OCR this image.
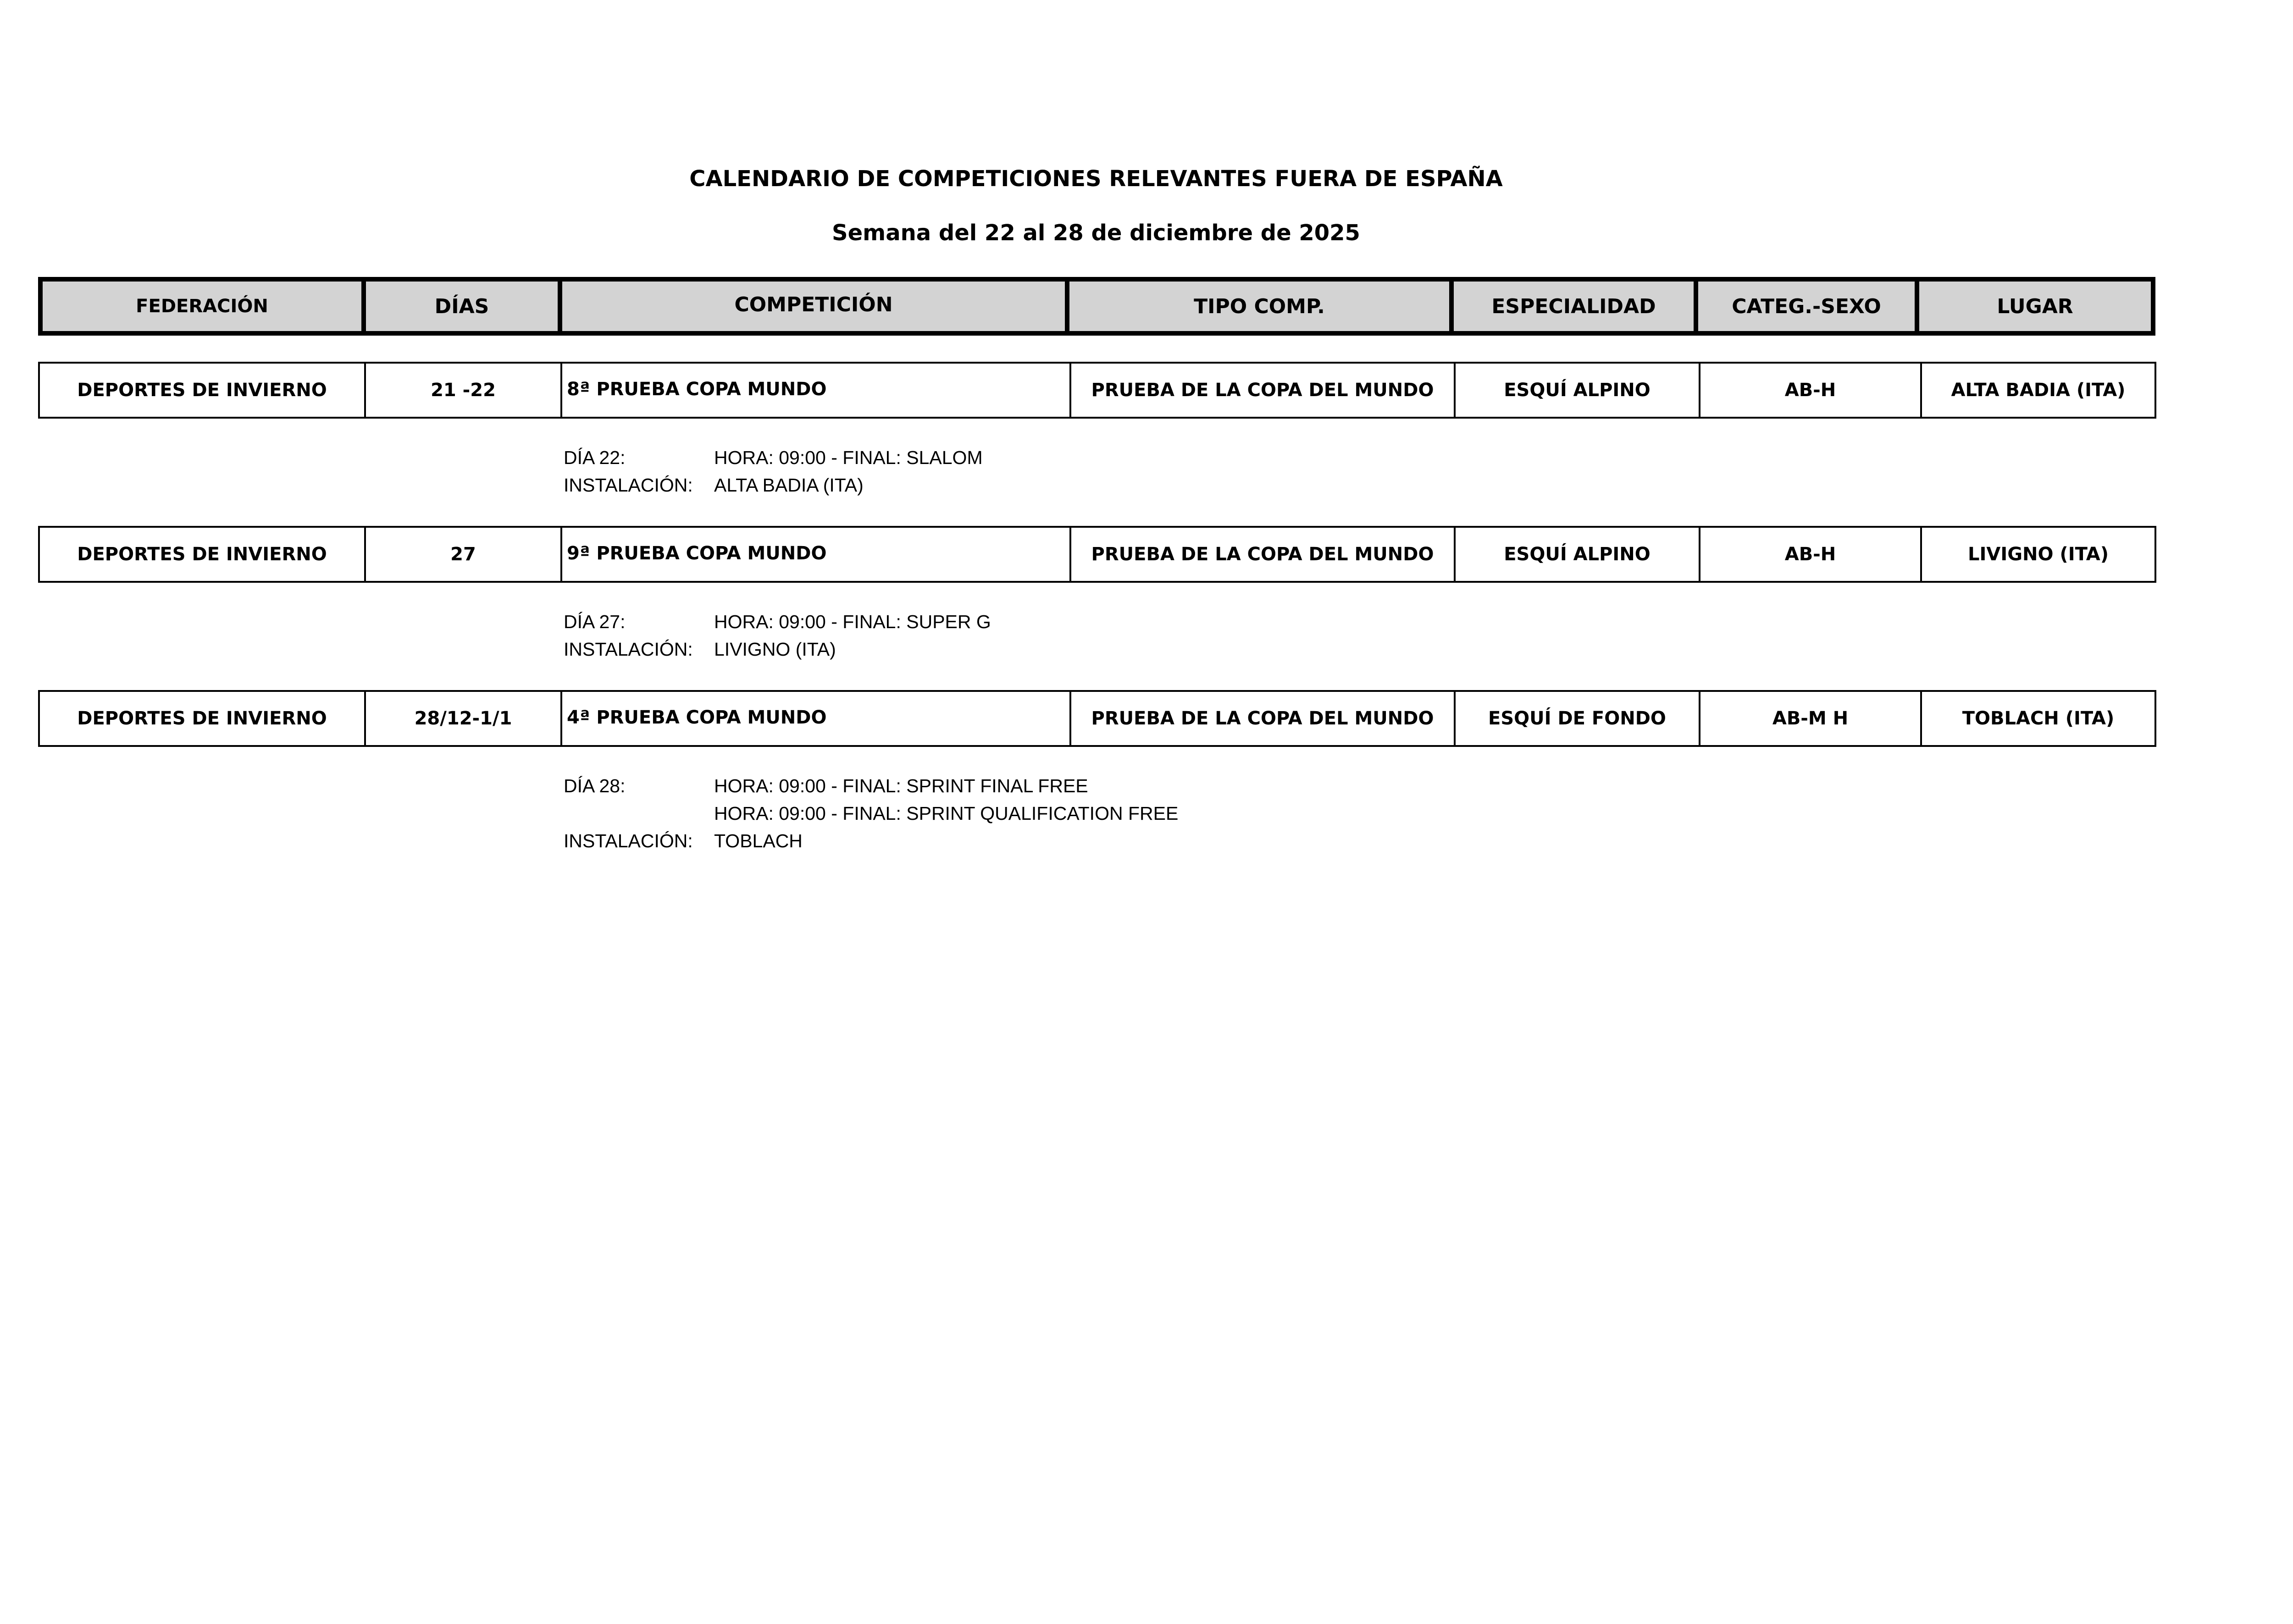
CALENDARIO DE COMPETICIONES RELEVANTES FUERA DE ESPAÑA
Semana del 22 al 28 de diciembre de 2025
FEDERACIÓN	DÍAS	COMPETICIÓN	TIPO COMP.	ESPECIALIDAD	CATEG.-SEXO	LUGAR
DEPORTES DE INVIERNO	21 -22	8ª PRUEBA COPA MUNDO	PRUEBA DE LA COPA DEL MUNDO	ESQUÍ ALPINO	AB-H	ALTA BADIA (ITA)
DÍA 22:	HORA: 09:00 - FINAL: SLALOM
INSTALACIÓN:	ALTA BADIA (ITA)
DEPORTES DE INVIERNO	27	9ª PRUEBA COPA MUNDO	PRUEBA DE LA COPA DEL MUNDO	ESQUÍ ALPINO	AB-H	LIVIGNO (ITA)
DÍA 27:	HORA: 09:00 - FINAL: SUPER G
INSTALACIÓN:	LIVIGNO (ITA)
DEPORTES DE INVIERNO	28/12-1/1	4ª PRUEBA COPA MUNDO	PRUEBA DE LA COPA DEL MUNDO	ESQUÍ DE FONDO	AB-M H	TOBLACH (ITA)
DÍA 28:	HORA: 09:00 - FINAL: SPRINT FINAL FREE
HORA: 09:00 - FINAL: SPRINT QUALIFICATION FREE
INSTALACIÓN:	TOBLACH
